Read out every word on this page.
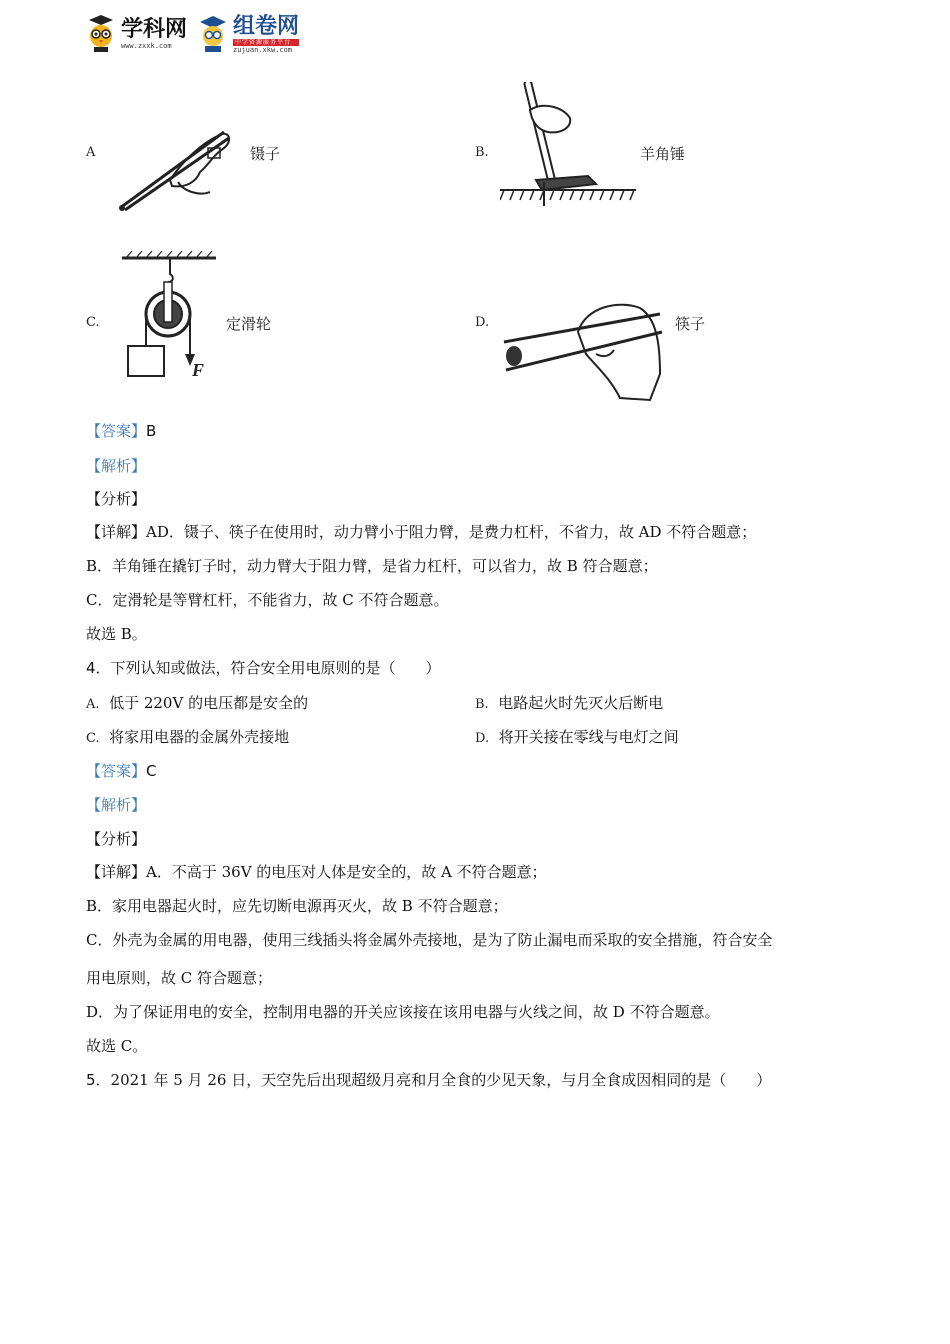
学科网
www.zxxk.com
组卷网
中学资源服务平台
zujuan.xkw.com
A	镊子	B.	羊角锤
C.
F
定滑轮	D.	筷子
【答案】B
【解析】
【分析】
【详解】AD．镊子、筷子在使用时，动力臂小于阻力臂，是费力杠杆，不省力，故 AD 不符合题意；
B．羊角锤在撬钉子时，动力臂大于阻力臂，是省力杠杆，可以省力，故 B 符合题意；
C．定滑轮是等臂杠杆，不能省力，故 C 不符合题意。
故选 B。
4．下列认知或做法，符合安全用电原则的是（　　）
A. 低于 220V 的电压都是安全的	B. 电路起火时先灭火后断电
C. 将家用电器的金属外壳接地	D. 将开关接在零线与电灯之间
【答案】C
【解析】
【分析】
【详解】A．不高于 36V 的电压对人体是安全的，故 A 不符合题意；
B．家用电器起火时，应先切断电源再灭火，故 B 不符合题意；
C．外壳为金属的用电器，使用三线插头将金属外壳接地，是为了防止漏电而采取的安全措施，符合安全
用电原则，故 C 符合题意；
D．为了保证用电的安全，控制用电器的开关应该接在该用电器与火线之间，故 D 不符合题意。
故选 C。
5．2021 年 5 月 26 日，天空先后出现超级月亮和月全食的少见天象，与月全食成因相同的是（　　）
